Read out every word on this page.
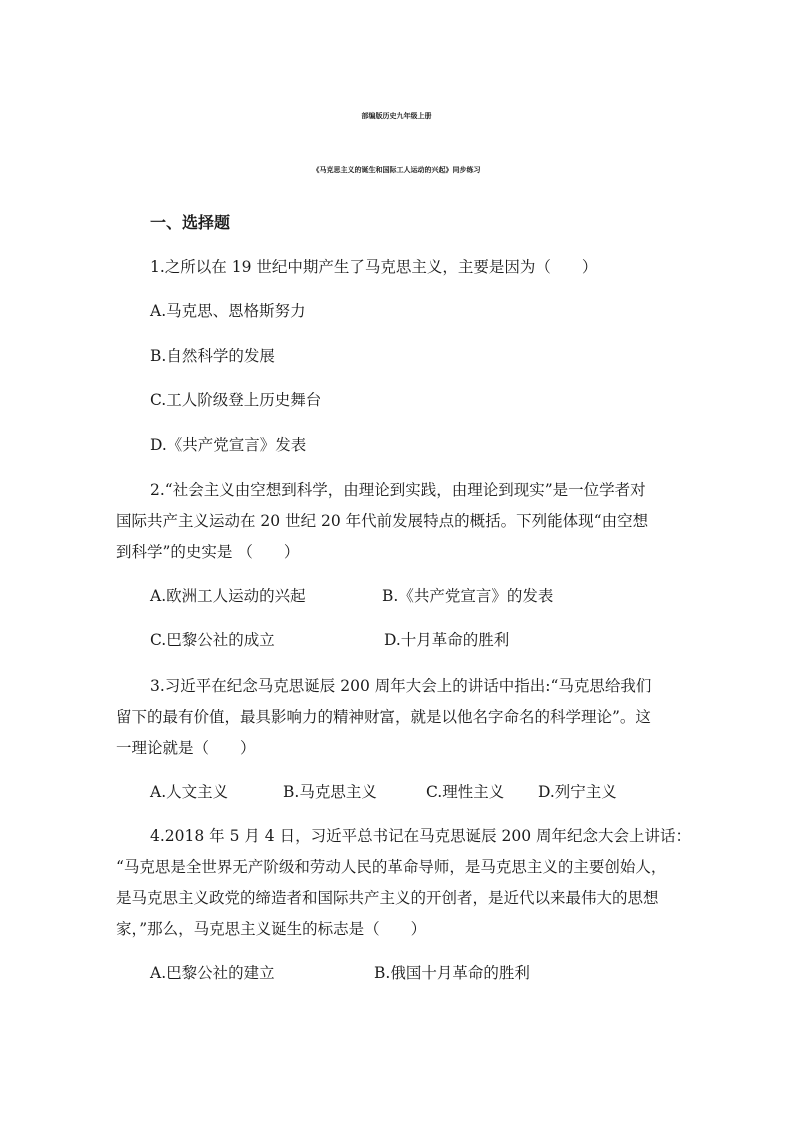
部编版历史九年级上册
《马克思主义的诞生和国际工人运动的兴起》同步练习
一、选择题
1.之所以在 19 世纪中期产生了马克思主义，主要是因为（　　）
A.马克思、恩格斯努力
B.自然科学的发展
C.工人阶级登上历史舞台
D.《共产党宣言》发表
2.“社会主义由空想到科学，由理论到实践，由理论到现实”是一位学者对
国际共产主义运动在 20 世纪 20 年代前发展特点的概括。下列能体现“由空想
到科学”的史实是 （　　）
A.欧洲工人运动的兴起	B.《共产党宣言》的发表
C.巴黎公社的成立	D.十月革命的胜利
3.习近平在纪念马克思诞辰 200 周年大会上的讲话中指出:“马克思给我们
留下的最有价值，最具影响力的精神财富，就是以他名字命名的科学理论”。这
一理论就是（　　）
A.人文主义	B.马克思主义	C.理性主义 D.列宁主义
4.2018 年 5 月 4 日，习近平总书记在马克思诞辰 200 周年纪念大会上讲话：
“马克思是全世界无产阶级和劳动人民的革命导师，是马克思主义的主要创始人，
是马克思主义政党的缔造者和国际共产主义的开创者，是近代以来最伟大的思想
家，”那么，马克思主义诞生的标志是（　　）
A.巴黎公社的建立	B.俄国十月革命的胜利
